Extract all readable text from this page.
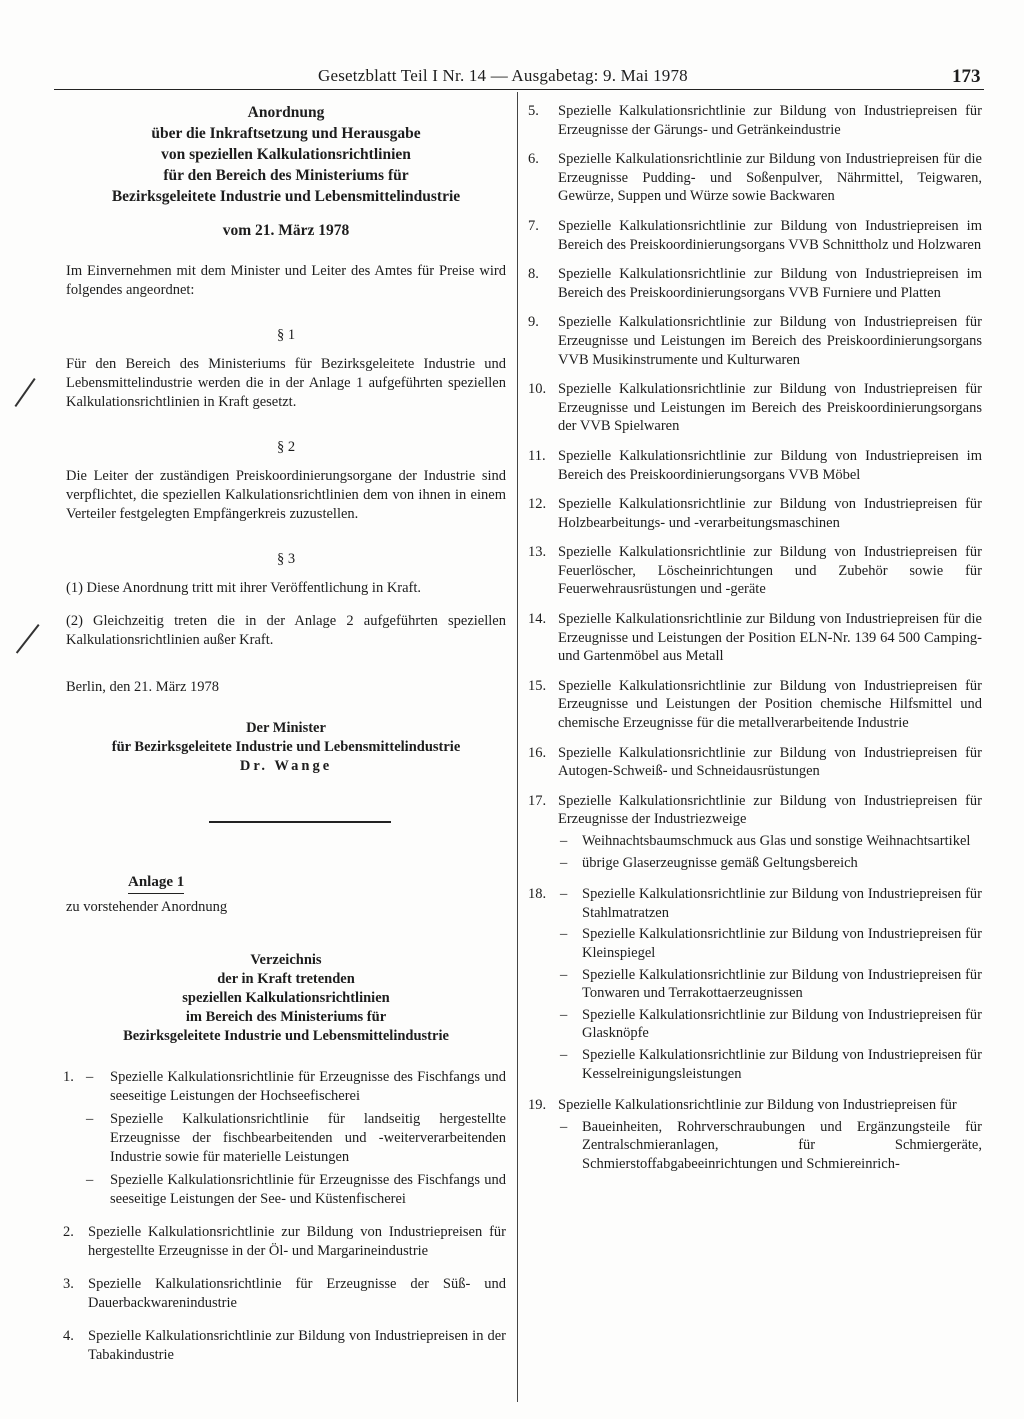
Gesetzblatt Teil I Nr. 14 — Ausgabetag: 9. Mai 1978	173
Anordnung
über die Inkraftsetzung und Herausgabe
von speziellen Kalkulationsrichtlinien
für den Bereich des Ministeriums für
Bezirksgeleitete Industrie und Lebensmittelindustrie
vom 21. März 1978

Im Einvernehmen mit dem Minister und Leiter des Amtes für Preise wird folgendes angeordnet:

§ 1

Für den Bereich des Ministeriums für Bezirksgeleitete Industrie und Lebensmittelindustrie werden die in der Anlage 1 aufgeführten speziellen Kalkulationsrichtlinien in Kraft gesetzt.

§ 2

Die Leiter der zuständigen Preiskoordinierungsorgane der Industrie sind verpflichtet, die speziellen Kalkulationsrichtlinien dem von ihnen in einem Verteiler festgelegten Empfängerkreis zuzustellen.

§ 3

(1) Diese Anordnung tritt mit ihrer Veröffentlichung in Kraft.

(2) Gleichzeitig treten die in der Anlage 2 aufgeführten speziellen Kalkulationsrichtlinien außer Kraft.

Berlin, den 21. März 1978

Der Minister
für Bezirksgeleitete Industrie und Lebensmittelindustrie
Dr. Wange
Anlage 1
zu vorstehender Anordnung
Verzeichnis
der in Kraft tretenden
speziellen Kalkulationsrichtlinien
im Bereich des Ministeriums für
Bezirksgeleitete Industrie und Lebensmittelindustrie
1. – Spezielle Kalkulationsrichtlinie für Erzeugnisse des Fischfangs und seeseitige Leistungen der Hochseefischerei
– Spezielle Kalkulationsrichtlinie für landseitig hergestellte Erzeugnisse der fischbearbeitenden und -weiterverarbeitenden Industrie sowie für materielle Leistungen
– Spezielle Kalkulationsrichtlinie für Erzeugnisse des Fischfangs und seeseitige Leistungen der See- und Küstenfischerei
2. Spezielle Kalkulationsrichtlinie zur Bildung von Industriepreisen für hergestellte Erzeugnisse in der Öl- und Margarineindustrie
3. Spezielle Kalkulationsrichtlinie für Erzeugnisse der Süß- und Dauerbackwarenindustrie
4. Spezielle Kalkulationsrichtlinie zur Bildung von Industriepreisen in der Tabakindustrie
5. Spezielle Kalkulationsrichtlinie zur Bildung von Industriepreisen für Erzeugnisse der Gärungs- und Getränkeindustrie
6. Spezielle Kalkulationsrichtlinie zur Bildung von Industriepreisen für die Erzeugnisse Pudding- und Soßenpulver, Nährmittel, Teigwaren, Gewürze, Suppen und Würze sowie Backwaren
7. Spezielle Kalkulationsrichtlinie zur Bildung von Industriepreisen im Bereich des Preiskoordinierungsorgans VVB Schnittholz und Holzwaren
8. Spezielle Kalkulationsrichtlinie zur Bildung von Industriepreisen im Bereich des Preiskoordinierungsorgans VVB Furniere und Platten
9. Spezielle Kalkulationsrichtlinie zur Bildung von Industriepreisen für Erzeugnisse und Leistungen im Bereich des Preiskoordinierungsorgans VVB Musikinstrumente und Kulturwaren
10. Spezielle Kalkulationsrichtlinie zur Bildung von Industriepreisen für Erzeugnisse und Leistungen im Bereich des Preiskoordinierungsorgans der VVB Spielwaren
11. Spezielle Kalkulationsrichtlinie zur Bildung von Industriepreisen im Bereich des Preiskoordinierungsorgans VVB Möbel
12. Spezielle Kalkulationsrichtlinie zur Bildung von Industriepreisen für Holzbearbeitungs- und -verarbeitungsmaschinen
13. Spezielle Kalkulationsrichtlinie zur Bildung von Industriepreisen für Feuerlöscher, Löscheinrichtungen und Zubehör sowie für Feuerwehrausrüstungen und -geräte
14. Spezielle Kalkulationsrichtlinie zur Bildung von Industriepreisen für die Erzeugnisse und Leistungen der Position ELN-Nr. 139 64 500 Camping- und Gartenmöbel aus Metall
15. Spezielle Kalkulationsrichtlinie zur Bildung von Industriepreisen für Erzeugnisse und Leistungen der Position chemische Hilfsmittel und chemische Erzeugnisse für die metallverarbeitende Industrie
16. Spezielle Kalkulationsrichtlinie zur Bildung von Industriepreisen für Autogen-Schweiß- und Schneidausrüstungen
17. Spezielle Kalkulationsrichtlinie zur Bildung von Industriepreisen für Erzeugnisse der Industriezweige
– Weihnachtsbaumschmuck aus Glas und sonstige Weihnachtsartikel
– übrige Glaserzeugnisse gemäß Geltungsbereich
18. – Spezielle Kalkulationsrichtlinie zur Bildung von Industriepreisen für Stahlmatratzen
– Spezielle Kalkulationsrichtlinie zur Bildung von Industriepreisen für Kleinspiegel
– Spezielle Kalkulationsrichtlinie zur Bildung von Industriepreisen für Tonwaren und Terrakottaerzeugnissen
– Spezielle Kalkulationsrichtlinie zur Bildung von Industriepreisen für Glasknöpfe
– Spezielle Kalkulationsrichtlinie zur Bildung von Industriepreisen für Kesselreinigungsleistungen
19. Spezielle Kalkulationsrichtlinie zur Bildung von Industriepreisen für
– Baueinheiten, Rohrverschraubungen und Ergänzungsteile für Zentralschmieranlagen, für Schmiergeräte, Schmierstoffabgabeeinrichtungen und Schmiereinrich-
